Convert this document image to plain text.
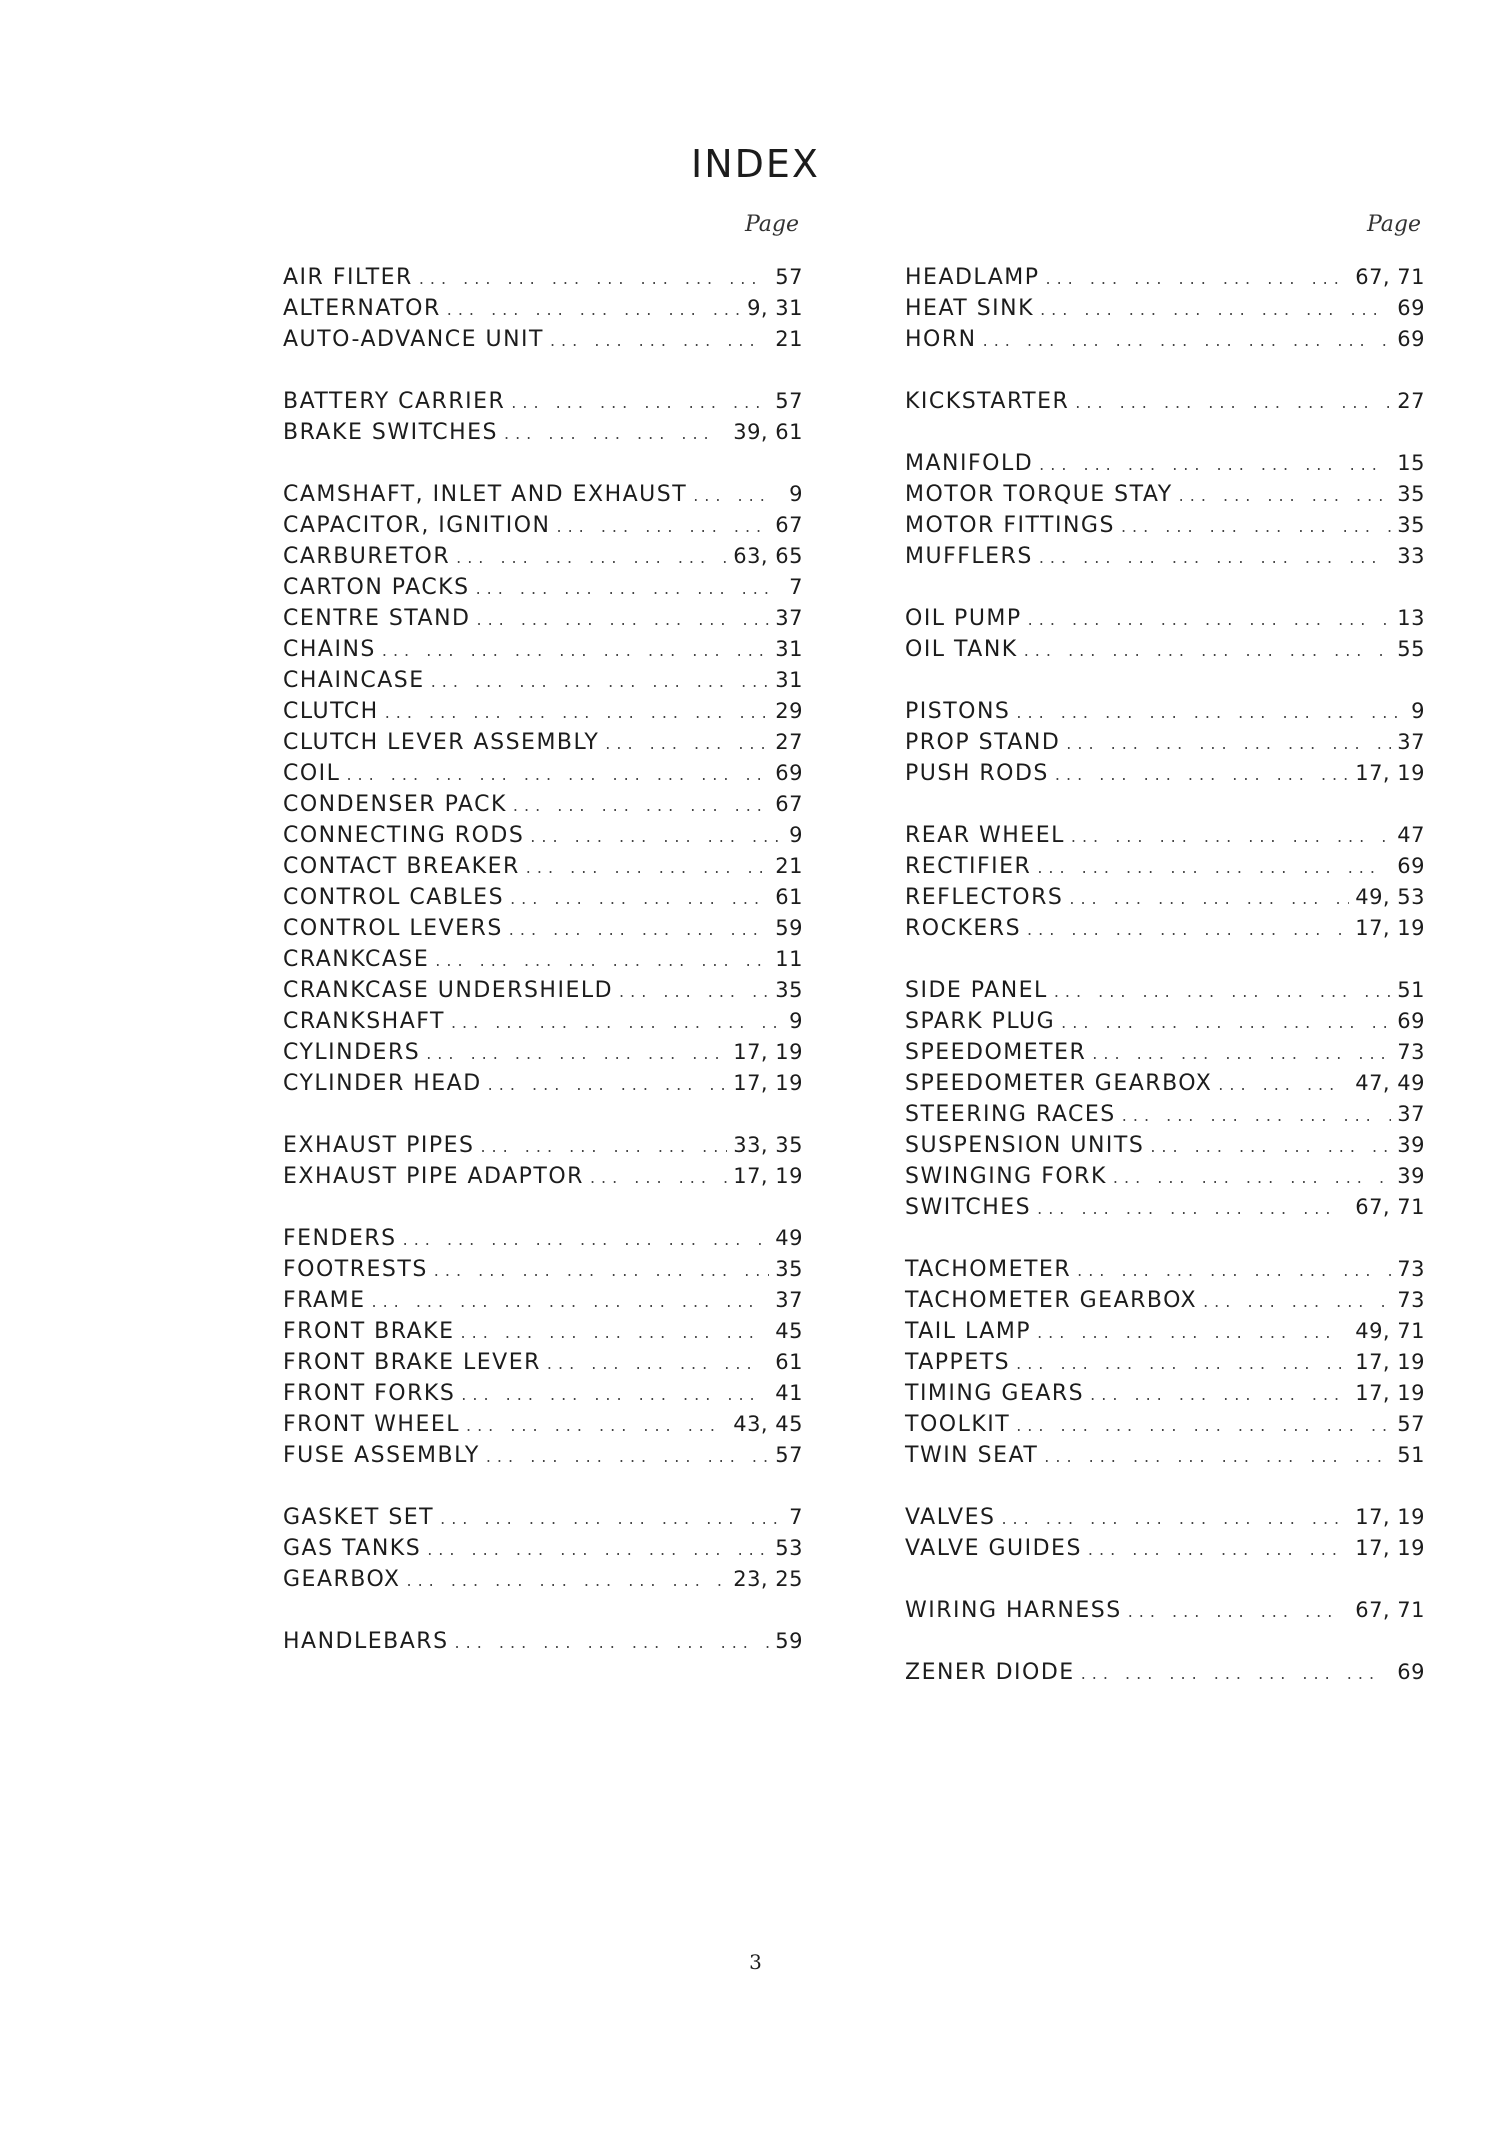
INDEX
Page
AIR FILTER ... .	57
ALTERNATOR ... .	9, 31
AUTO-ADVANCE UNIT ... .	21
BATTERY CARRIER ... .	57
BRAKE SWITCHES ... .	39, 61
CAMSHAFT, INLET AND EXHAUST ... .	9
CAPACITOR, IGNITION ... .	67
CARBURETOR ... .	63, 65
CARTON PACKS ... .	7
CENTRE STAND ... .	37
CHAINS ... .	31
CHAINCASE ... .	31
CLUTCH ... .	29
CLUTCH LEVER ASSEMBLY ... .	27
COIL ... .	69
CONDENSER PACK ... .	67
CONNECTING RODS ... .	9
CONTACT BREAKER ... .	21
CONTROL CABLES ... .	61
CONTROL LEVERS ... .	59
CRANKCASE ... .	11
CRANKCASE UNDERSHIELD ... .	35
CRANKSHAFT ... .	9
CYLINDERS ... .	17, 19
CYLINDER HEAD ... .	17, 19
EXHAUST PIPES ... .	33, 35
EXHAUST PIPE ADAPTOR ... .	17, 19
FENDERS ... .	49
FOOTRESTS ... .	35
FRAME ... .	37
FRONT BRAKE ... .	45
FRONT BRAKE LEVER ... .	61
FRONT FORKS ... .	41
FRONT WHEEL ... .	43, 45
FUSE ASSEMBLY ... .	57
GASKET SET ... .	7
GAS TANKS ... .	53
GEARBOX ... .	23, 25
HANDLEBARS ... .	59
Page
HEADLAMP ... .	67, 71
HEAT SINK ... .	69
HORN ... .	69
KICKSTARTER ... .	27
MANIFOLD ... .	15
MOTOR TORQUE STAY ... .	35
MOTOR FITTINGS ... .	35
MUFFLERS ... .	33
OIL PUMP ... .	13
OIL TANK ... .	55
PISTONS ... .	9
PROP STAND ... .	37
PUSH RODS ... .	17, 19
REAR WHEEL ... .	47
RECTIFIER ... .	69
REFLECTORS ... .	49, 53
ROCKERS ... .	17, 19
SIDE PANEL ... .	51
SPARK PLUG ... .	69
SPEEDOMETER ... .	73
SPEEDOMETER GEARBOX ... .	47, 49
STEERING RACES ... .	37
SUSPENSION UNITS ... .	39
SWINGING FORK ... .	39
SWITCHES ... .	67, 71
TACHOMETER ... .	73
TACHOMETER GEARBOX ... .	73
TAIL LAMP ... .	49, 71
TAPPETS ... .	17, 19
TIMING GEARS ... .	17, 19
TOOLKIT ... .	57
TWIN SEAT ... .	51
VALVES ... .	17, 19
VALVE GUIDES ... .	17, 19
WIRING HARNESS ... .	67, 71
ZENER DIODE ... .	69
3
